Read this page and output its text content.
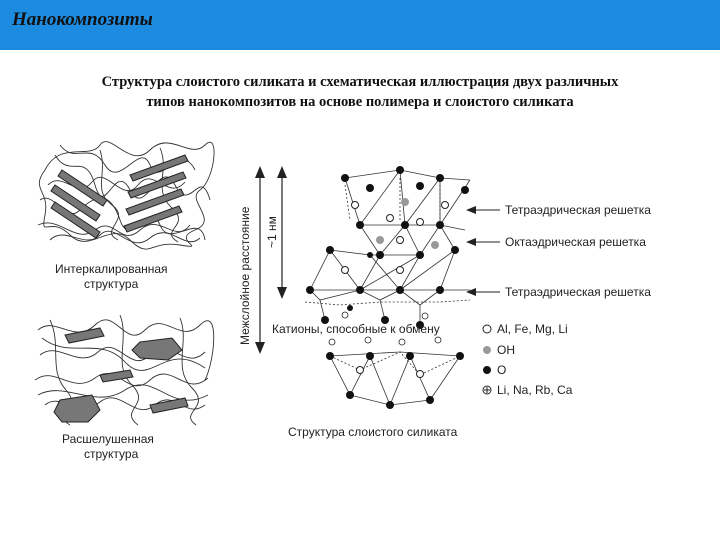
Нанокомпозиты
Структура слоистого силиката и схематическая иллюстрация двух различных
типов нанокомпозитов на основе полимера и слоистого силиката
Интеркалированная
структура
Расшелушенная
структура
Межслойное расстояние ~1 нм
Тетраэдрическая решетка
Октаэдрическая решетка
Тетраэдрическая решетка
Катионы, способные к обмену
Структура слоистого силиката
Al, Fe, Mg, Li
OH
O
Li, Na, Rb, Ca
